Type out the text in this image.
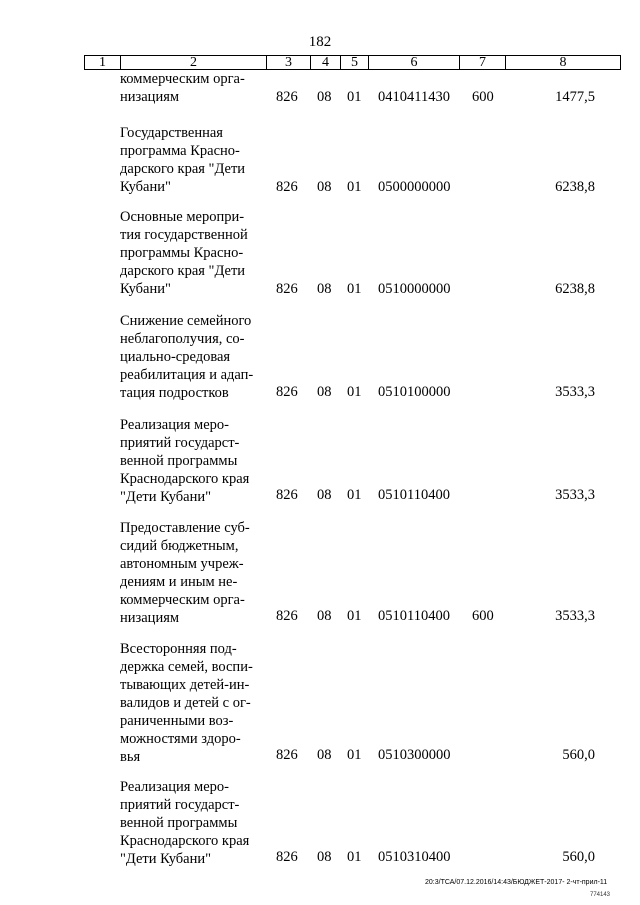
182
1	2	3	4	5	6	7	8
коммерческим орга-
низациям	826 08 01 0410411430 600	1477,5
Государственная
программа Красно-
дарского края "Дети
Кубани"	826 08 01 0500000000	6238,8
Основные меропри-
тия государственной
программы Красно-
дарского края "Дети
Кубани"	826 08 01 0510000000	6238,8
Снижение семейного
неблагополучия, со-
циально-средовая
реабилитация и адап-
тация подростков	826 08 01 0510100000	3533,3
Реализация меро-
приятий государст-
венной программы
Краснодарского края
"Дети Кубани"	826 08 01 0510110400	3533,3
Предоставление суб-
сидий бюджетным,
автономным учреж-
дениям и иным не-
коммерческим орга-
низациям	826 08 01 0510110400 600	3533,3
Всесторонняя под-
держка семей, воспи-
тывающих детей-ин-
валидов и детей с ог-
раниченными воз-
можностями здоро-
вья	826 08 01 0510300000	560,0
Реализация меро-
приятий государст-
венной программы
Краснодарского края
"Дети Кубани"	826 08 01 0510310400	560,0
20:3/ТСА/07.12.2016/14:43/БЮДЖЕТ-2017- 2-чт-прил-11
774143
